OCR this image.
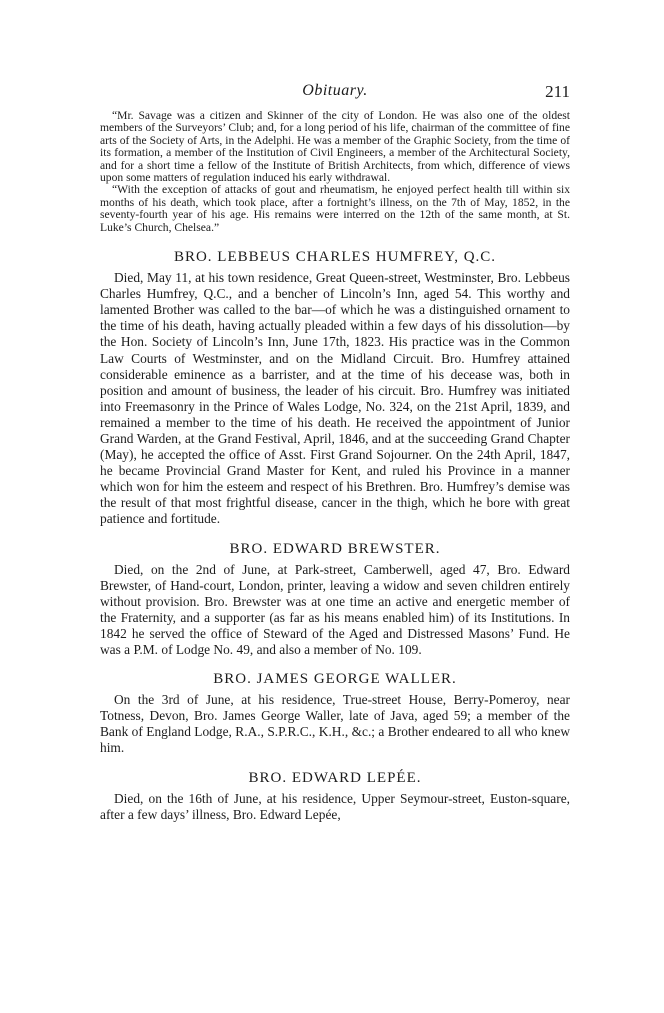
Obituary.	211

“Mr. Savage was a citizen and Skinner of the city of London. He was also one of the oldest members of the Surveyors’ Club; and, for a long period of his life, chairman of the committee of fine arts of the Society of Arts, in the Adelphi. He was a member of the Graphic Society, from the time of its formation, a member of the Institution of Civil Engineers, a member of the Architectural Society, and for a short time a fellow of the Institute of British Architects, from which, difference of views upon some matters of regulation induced his early withdrawal.

“With the exception of attacks of gout and rheumatism, he enjoyed perfect health till within six months of his death, which took place, after a fortnight’s illness, on the 7th of May, 1852, in the seventy-fourth year of his age. His remains were interred on the 12th of the same month, at St. Luke’s Church, Chelsea.”

BRO. LEBBEUS CHARLES HUMFREY, Q.C.

Died, May 11, at his town residence, Great Queen-street, Westminster, Bro. Lebbeus Charles Humfrey, Q.C., and a bencher of Lincoln’s Inn, aged 54. This worthy and lamented Brother was called to the bar—of which he was a distinguished ornament to the time of his death, having actually pleaded within a few days of his dissolution—by the Hon. Society of Lincoln’s Inn, June 17th, 1823. His practice was in the Common Law Courts of Westminster, and on the Midland Circuit. Bro. Humfrey attained considerable eminence as a barrister, and at the time of his decease was, both in position and amount of business, the leader of his circuit. Bro. Humfrey was initiated into Freemasonry in the Prince of Wales Lodge, No. 324, on the 21st April, 1839, and remained a member to the time of his death. He received the appointment of Junior Grand Warden, at the Grand Festival, April, 1846, and at the succeeding Grand Chapter (May), he accepted the office of Asst. First Grand Sojourner. On the 24th April, 1847, he became Provincial Grand Master for Kent, and ruled his Province in a manner which won for him the esteem and respect of his Brethren. Bro. Humfrey’s demise was the result of that most frightful disease, cancer in the thigh, which he bore with great patience and fortitude.

BRO. EDWARD BREWSTER.

Died, on the 2nd of June, at Park-street, Camberwell, aged 47, Bro. Edward Brewster, of Hand-court, London, printer, leaving a widow and seven children entirely without provision. Bro. Brewster was at one time an active and energetic member of the Fraternity, and a supporter (as far as his means enabled him) of its Institutions. In 1842 he served the office of Steward of the Aged and Distressed Masons’ Fund. He was a P.M. of Lodge No. 49, and also a member of No. 109.

BRO. JAMES GEORGE WALLER.

On the 3rd of June, at his residence, True-street House, Berry-Pomeroy, near Totness, Devon, Bro. James George Waller, late of Java, aged 59; a member of the Bank of England Lodge, R.A., S.P.R.C., K.H., &c.; a Brother endeared to all who knew him.

BRO. EDWARD LEPÉE.

Died, on the 16th of June, at his residence, Upper Seymour-street, Euston-square, after a few days’ illness, Bro. Edward Lepée,
